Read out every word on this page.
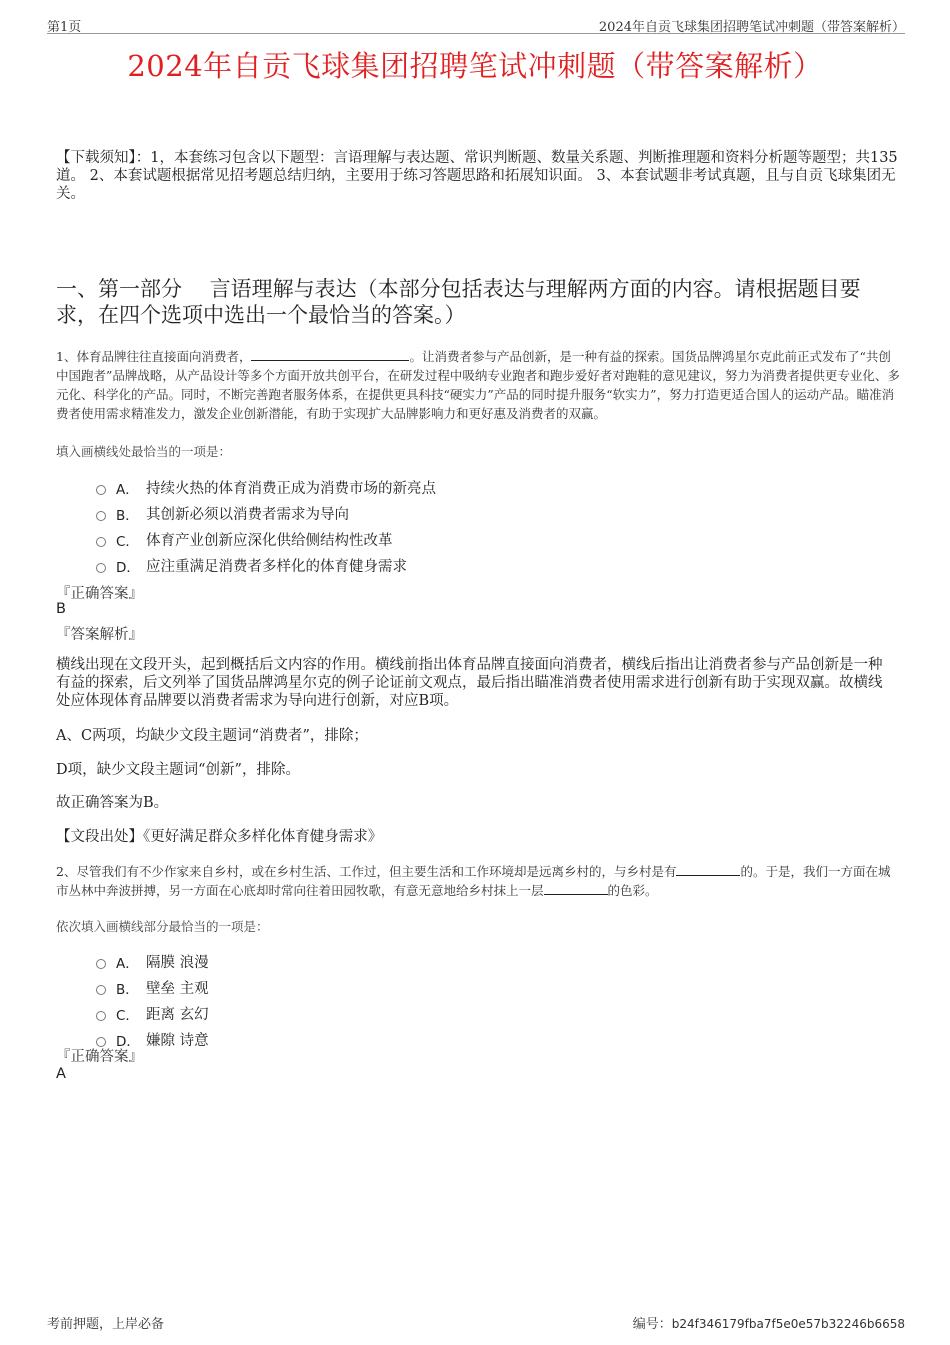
第1页	2024年自贡飞球集团招聘笔试冲刺题（带答案解析）
2024年自贡飞球集团招聘笔试冲刺题（带答案解析）
【下载须知】：1，本套练习包含以下题型：言语理解与表达题、常识判断题、数量关系题、判断推理题和资料分析题等题型；共135道。 2、本套试题根据常见招考题总结归纳，主要用于练习答题思路和拓展知识面。 3、本套试题非考试真题，且与自贡飞球集团无关。
一、第一部分　 言语理解与表达（本部分包括表达与理解两方面的内容。请根据题目要求，在四个选项中选出一个最恰当的答案。）
1、体育品牌往往直接面向消费者，	。让消费者参与产品创新，是一种有益的探索。国货品牌鸿星尔克此前正式发布了“共创中国跑者”品牌战略，从产品设计等多个方面开放共创平台，在研发过程中吸纳专业跑者和跑步爱好者对跑鞋的意见建议，努力为消费者提供更专业化、多元化、科学化的产品。同时，不断完善跑者服务体系，在提供更具科技“硬实力”产品的同时提升服务“软实力”，努力打造更适合国人的运动产品。瞄准消费者使用需求精准发力，激发企业创新潜能，有助于实现扩大品牌影响力和更好惠及消费者的双赢。
填入画横线处最恰当的一项是：
A． 持续火热的体育消费正成为消费市场的新亮点
B． 其创新必须以消费者需求为导向
C． 体育产业创新应深化供给侧结构性改革
D． 应注重满足消费者多样化的体育健身需求
『正确答案』
B
『答案解析』
横线出现在文段开头，起到概括后文内容的作用。横线前指出体育品牌直接面向消费者，横线后指出让消费者参与产品创新是一种有益的探索，后文列举了国货品牌鸿星尔克的例子论证前文观点，最后指出瞄准消费者使用需求进行创新有助于实现双赢。故横线处应体现体育品牌要以消费者需求为导向进行创新，对应B项。
A、C两项，均缺少文段主题词“消费者”，排除；
D项，缺少文段主题词“创新”，排除。
故正确答案为B。
【文段出处】《更好满足群众多样化体育健身需求》
2、尽管我们有不少作家来自乡村，或在乡村生活、工作过，但主要生活和工作环境却是远离乡村的，与乡村是有	的。于是，我们一方面在城市丛林中奔波拼搏，另一方面在心底却时常向往着田园牧歌，有意无意地给乡村抹上一层	的色彩。
依次填入画横线部分最恰当的一项是：
A． 隔膜 浪漫
B． 壁垒 主观
C． 距离 玄幻
D． 嫌隙 诗意
『正确答案』
A
考前押题，上岸必备	编号：b24f346179fba7f5e0e57b32246b6658
